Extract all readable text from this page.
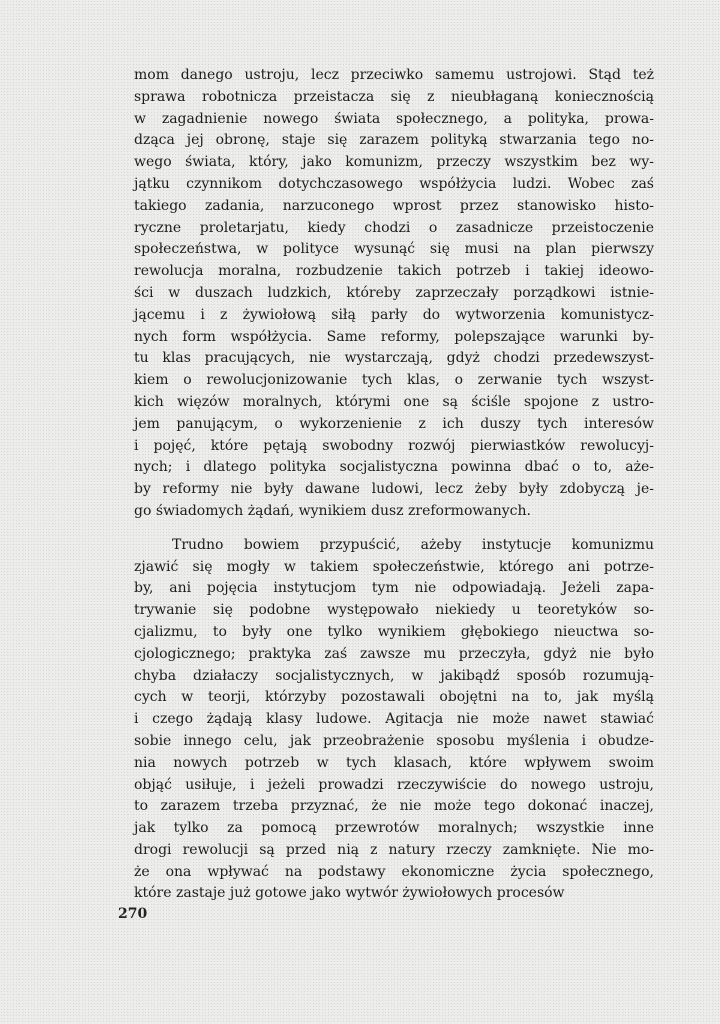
mom danego ustroju, lecz przeciwko samemu ustrojowi. Stąd też
sprawa robotnicza przeistacza się z nieubłaganą koniecznością
w zagadnienie nowego świata społecznego, a polityka, prowa-
dząca jej obronę, staje się zarazem polityką stwarzania tego no-
wego świata, który, jako komunizm, przeczy wszystkim bez wy-
jątku czynnikom dotychczasowego współżycia ludzi. Wobec zaś
takiego zadania, narzuconego wprost przez stanowisko histo-
ryczne proletarjatu, kiedy chodzi o zasadnicze przeistoczenie
społeczeństwa, w polityce wysunąć się musi na plan pierwszy
rewolucja moralna, rozbudzenie takich potrzeb i takiej ideowo-
ści w duszach ludzkich, któreby zaprzeczały porządkowi istnie-
jącemu i z żywiołową siłą parły do wytworzenia komunistycz-
nych form współżycia. Same reformy, polepszające warunki by-
tu klas pracujących, nie wystarczają, gdyż chodzi przedewszyst-
kiem o rewolucjonizowanie tych klas, o zerwanie tych wszyst-
kich więzów moralnych, którymi one są ściśle spojone z ustro-
jem panującym, o wykorzenienie z ich duszy tych interesów
i pojęć, które pętają swobodny rozwój pierwiastków rewolucyj-
nych; i dlatego polityka socjalistyczna powinna dbać o to, aże-
by reformy nie były dawane ludowi, lecz żeby były zdobyczą je-
go świadomych żądań, wynikiem dusz zreformowanych.
Trudno bowiem przypuścić, ażeby instytucje komunizmu
zjawić się mogły w takiem społeczeństwie, którego ani potrze-
by, ani pojęcia instytucjom tym nie odpowiadają. Jeżeli zapa-
trywanie się podobne występowało niekiedy u teoretyków so-
cjalizmu, to były one tylko wynikiem głębokiego nieuctwa so-
cjologicznego; praktyka zaś zawsze mu przeczyła, gdyż nie było
chyba działaczy socjalistycznych, w jakibądź sposób rozumują-
cych w teorji, którzyby pozostawali obojętni na to, jak myślą
i czego żądają klasy ludowe. Agitacja nie może nawet stawiać
sobie innego celu, jak przeobrażenie sposobu myślenia i obudze-
nia nowych potrzeb w tych klasach, które wpływem swoim
objąć usiłuje, i jeżeli prowadzi rzeczywiście do nowego ustroju,
to zarazem trzeba przyznać, że nie może tego dokonać inaczej,
jak tylko za pomocą przewrotów moralnych; wszystkie inne
drogi rewolucji są przed nią z natury rzeczy zamknięte. Nie mo-
że ona wpływać na podstawy ekonomiczne życia społecznego,
które zastaje już gotowe jako wytwór żywiołowych procesów
270
